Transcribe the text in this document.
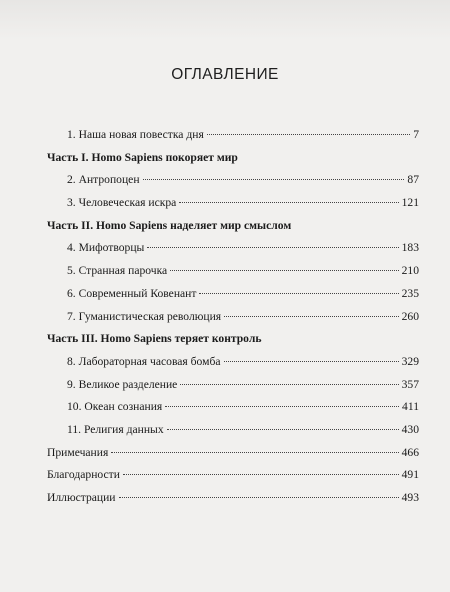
ОГЛАВЛЕНИЕ
1. Наша новая повестка дня	7
Часть I. Homo Sapiens покоряет мир
2. Антропоцен	87
3. Человеческая искра	121
Часть II. Homo Sapiens наделяет мир смыслом
4. Мифотворцы	183
5. Странная парочка	210
6. Современный Ковенант	235
7. Гуманистическая революция	260
Часть III. Homo Sapiens теряет контроль
8. Лабораторная часовая бомба	329
9. Великое разделение	357
10. Океан сознания	411
11. Религия данных	430
Примечания	466
Благодарности	491
Иллюстрации	493
